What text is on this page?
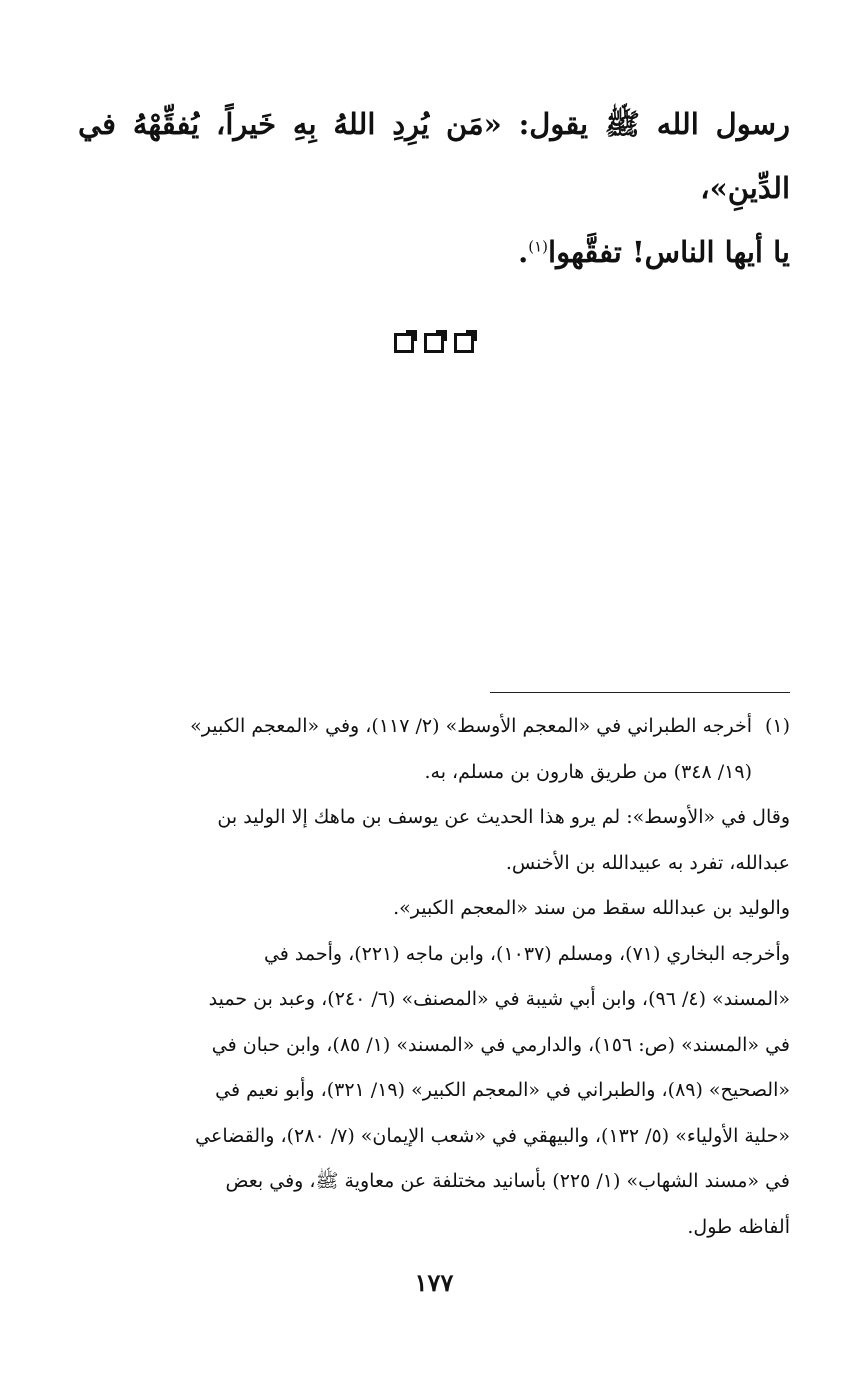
رسول الله ﷺ يقول: «مَن يُرِدِ اللهُ بِهِ خَيراً، يُفقِّهْهُ في الدِّينِ»،

يا أيها الناس! تفقَّهوا$^{(١)}$.

(١)أخرجه الطبراني في «المعجم الأوسط» (٢/ ١١٧)، وفي «المعجم الكبير»

(١٩/ ٣٤٨) من طريق هارون بن مسلم، به.

وقال في «الأوسط»: لم يرو هذا الحديث عن يوسف بن ماهك إلا الوليد بن

عبدالله، تفرد به عبيدالله بن الأخنس.

والوليد بن عبدالله سقط من سند «المعجم الكبير».

وأخرجه البخاري (٧١)، ومسلم (١٠٣٧)، وابن ماجه (٢٢١)، وأحمد في

«المسند» (٤/ ٩٦)، وابن أبي شيبة في «المصنف» (٦/ ٢٤٠)، وعبد بن حميد

في «المسند» (ص: ١٥٦)، والدارمي في «المسند» (١/ ٨٥)، وابن حبان في

«الصحيح» (٨٩)، والطبراني في «المعجم الكبير» (١٩/ ٣٢١)، وأبو نعيم في

«حلية الأولياء» (٥/ ١٣٢)، والبيهقي في «شعب الإيمان» (٧/ ٢٨٠)، والقضاعي

في «مسند الشهاب» (١/ ٢٢٥) بأسانيد مختلفة عن معاوية ﷺ، وفي بعض

ألفاظه طول.

١٧٧
